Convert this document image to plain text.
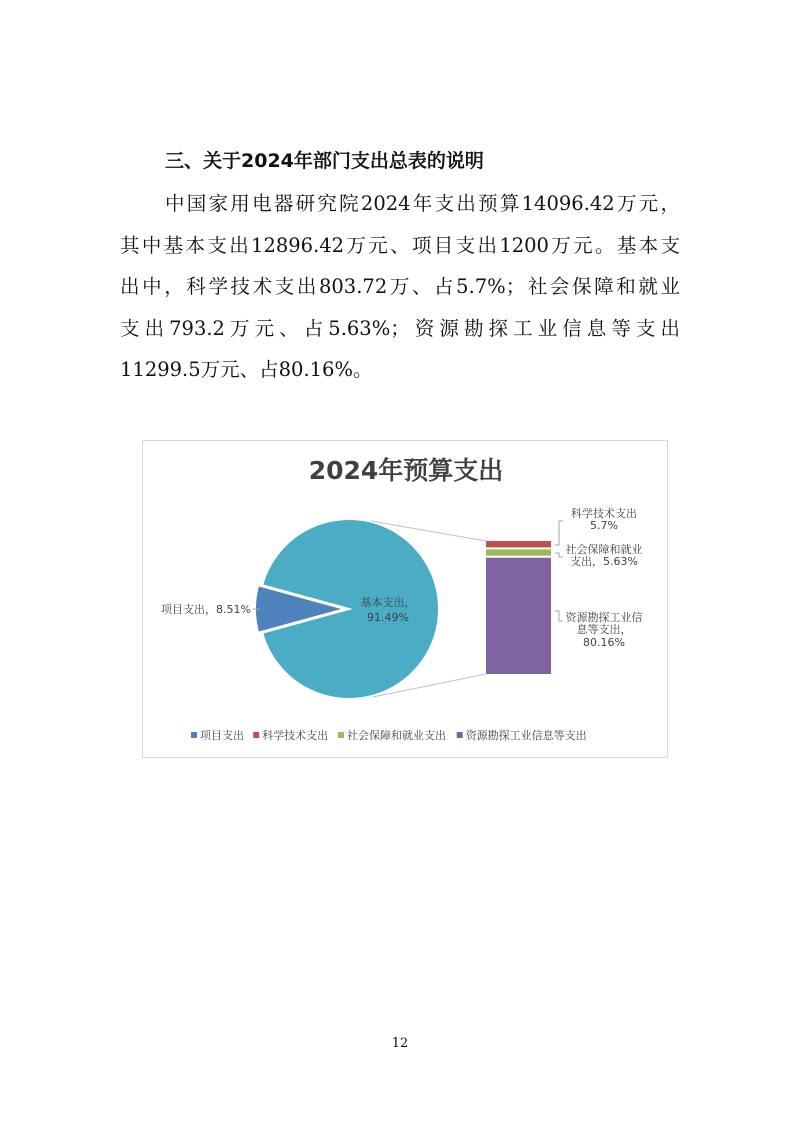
三、关于2024年部门支出总表的说明
中国家用电器研究院2024年支出预算14096.42万元，
其中基本支出12896.42万元、项目支出1200万元。基本支
出中，科学技术支出803.72万、占5.7%；社会保障和就业
支出793.2万元、占5.63%；资源勘探工业信息等支出
11299.5万元、占80.16%。
2024年预算支出
基本支出，
91.49%
项目支出，8.51%
科学技术支出
5.7%
社会保障和就业
支出，5.63%
资源勘探工业信
息等支出，
80.16%
项目支出 科学技术支出 社会保障和就业支出 资源勘探工业信息等支出
12
